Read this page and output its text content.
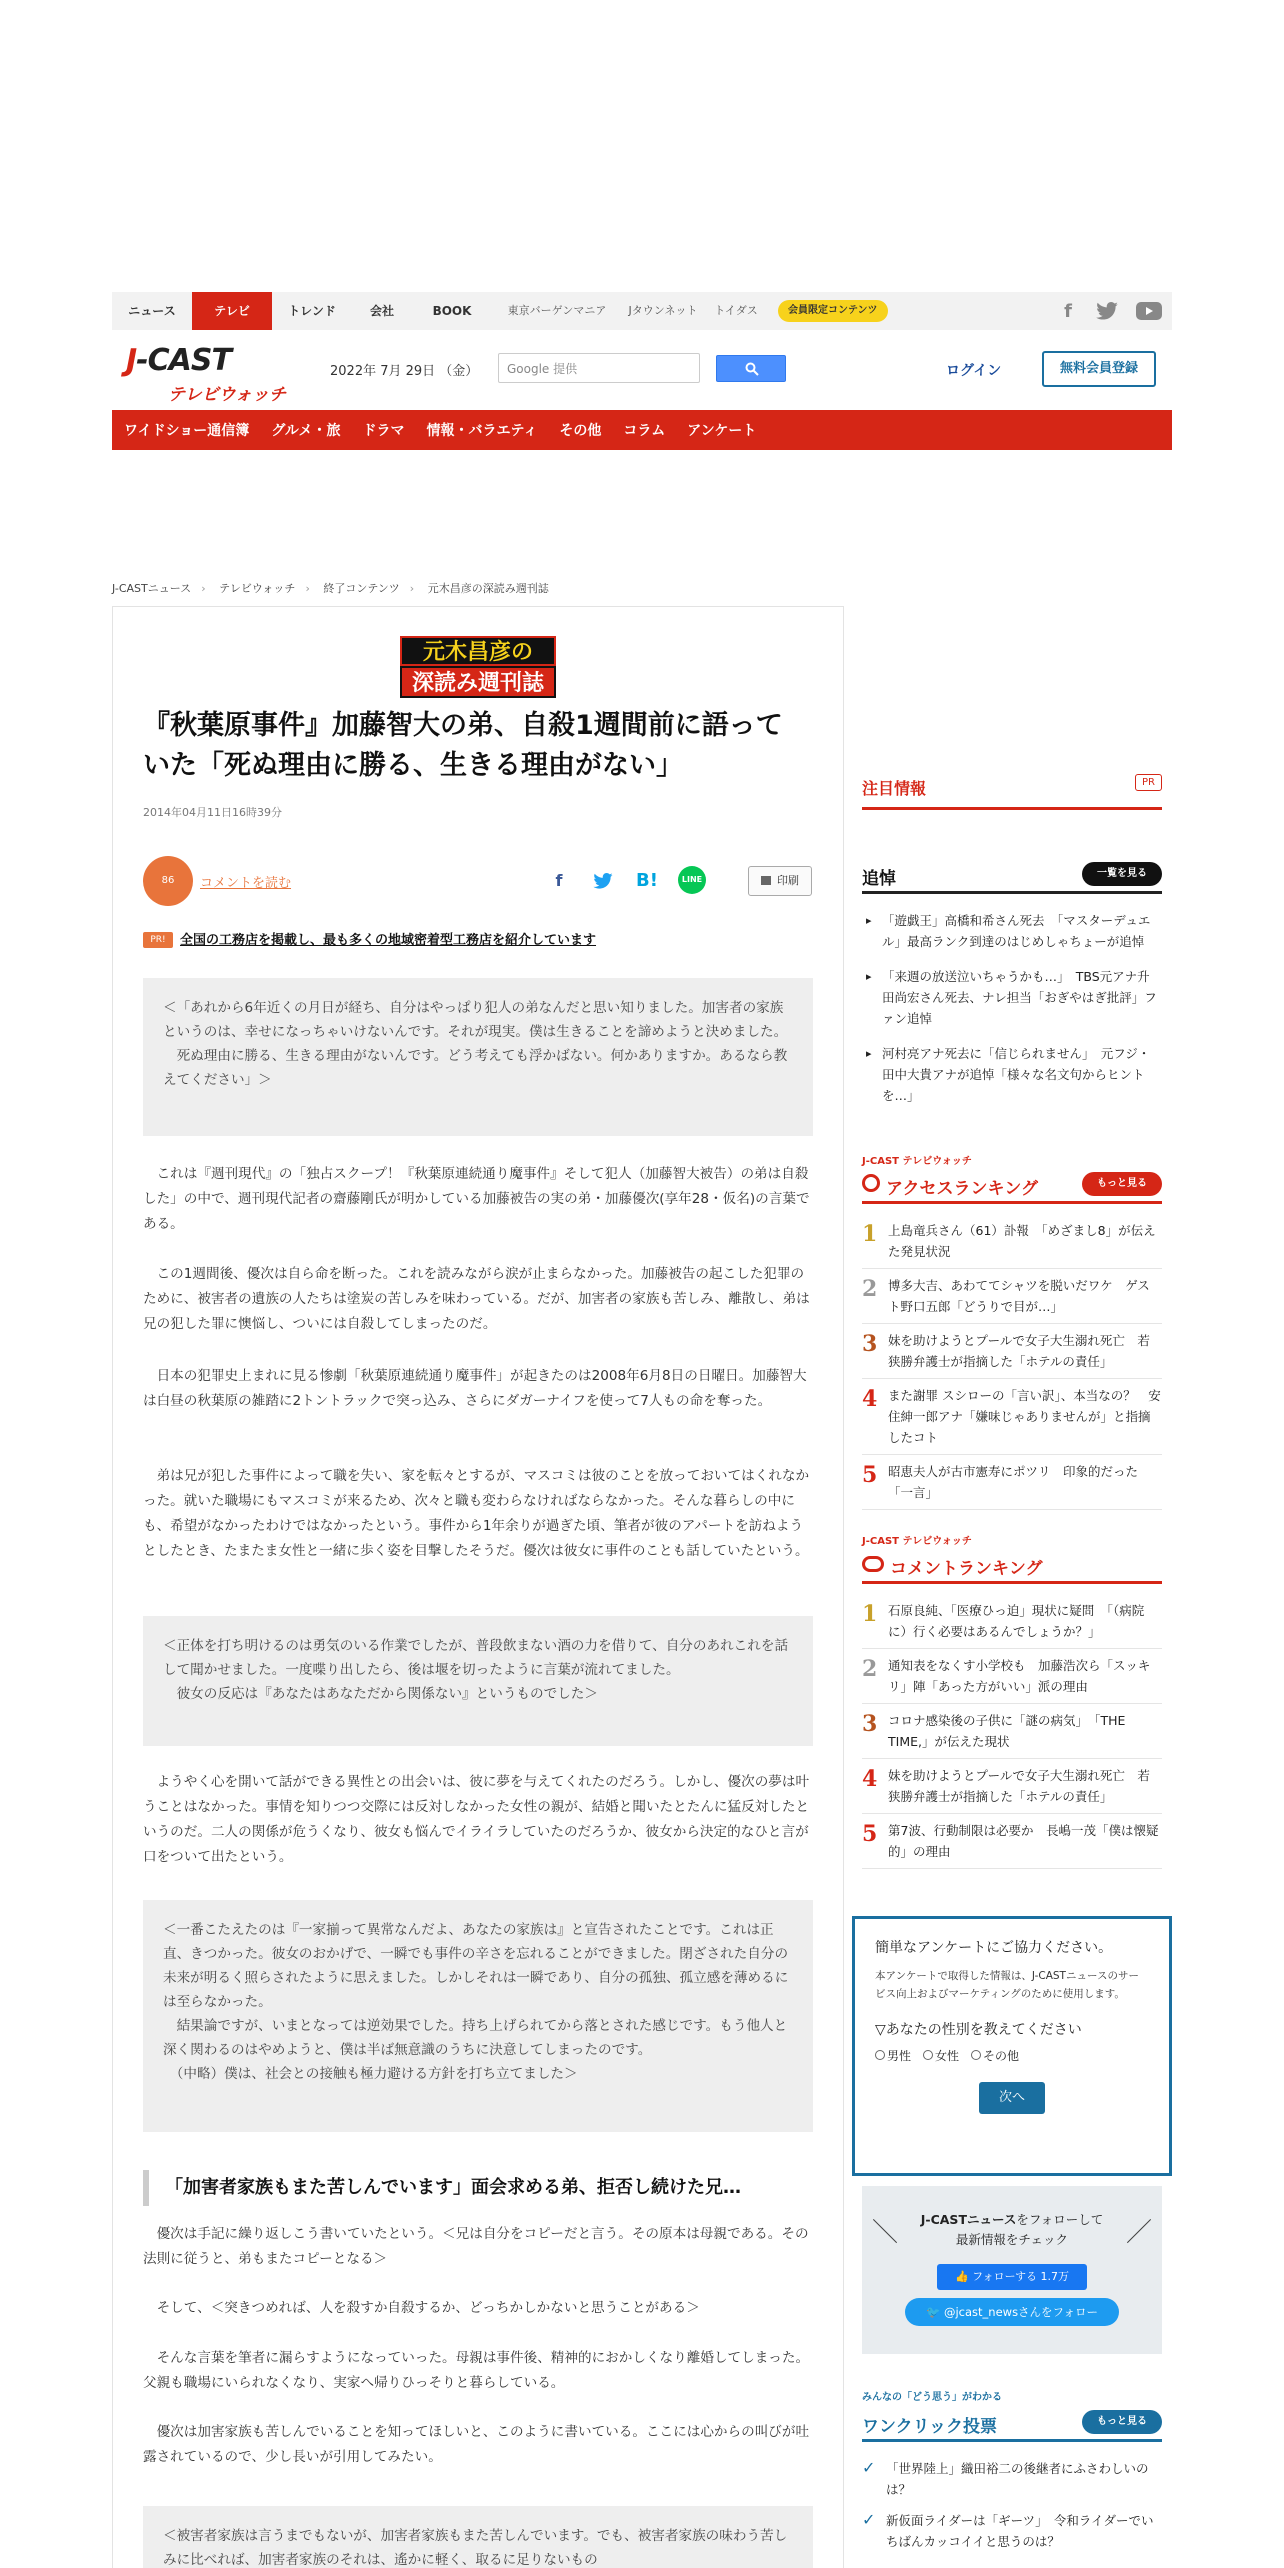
ニュース	テレビ	トレンド	会社	BOOK	東京バーゲンマニア	Jタウンネット	トイダス	会員限定コンテンツ	f
J-CAST
テレビウォッチ
2022年 7月 29日 （金）	Google 提供	ログイン	無料会員登録
ワイドショー通信簿 グルメ・旅 ドラマ 情報・バラエティ その他 コラム アンケート
J-CASTニュース › テレビウォッチ › 終了コンテンツ › 元木昌彦の深読み週刊誌
元木昌彦の
深読み週刊誌
『秋葉原事件』加藤智大の弟、自殺1週間前に語っていた「死ぬ理由に勝る、生きる理由がない」
2014年04月11日16時39分
86	コメントを読む	f	B!	LINE	印刷
PR!	全国の工務店を掲載し、最も多くの地域密着型工務店を紹介しています
＜「あれから6年近くの月日が経ち、自分はやっぱり犯人の弟なんだと思い知りました。加害者の家族というのは、幸せになっちゃいけないんです。それが現実。僕は生きることを諦めようと決めました。
　死ぬ理由に勝る、生きる理由がないんです。どう考えても浮かばない。何かありますか。あるなら教えてください」＞
　これは『週刊現代』の「独占スクープ！『秋葉原連続通り魔事件』そして犯人（加藤智大被告）の弟は自殺した」の中で、週刊現代記者の齋藤剛氏が明かしている加藤被告の実の弟・加藤優次(享年28・仮名)の言葉である。
　この1週間後、優次は自ら命を断った。これを読みながら涙が止まらなかった。加藤被告の起こした犯罪のために、被害者の遺族の人たちは塗炭の苦しみを味わっている。だが、加害者の家族も苦しみ、離散し、弟は兄の犯した罪に懊悩し、ついには自殺してしまったのだ。
　日本の犯罪史上まれに見る惨劇「秋葉原連続通り魔事件」が起きたのは2008年6月8日の日曜日。加藤智大は白昼の秋葉原の雑踏に2トントラックで突っ込み、さらにダガーナイフを使って7人もの命を奪った。
　弟は兄が犯した事件によって職を失い、家を転々とするが、マスコミは彼のことを放っておいてはくれなかった。就いた職場にもマスコミが来るため、次々と職も変わらなければならなかった。そんな暮らしの中にも、希望がなかったわけではなかったという。事件から1年余りが過ぎた頃、筆者が彼のアパートを訪ねようとしたとき、たまたま女性と一緒に歩く姿を目撃したそうだ。優次は彼女に事件のことも話していたという。
＜正体を打ち明けるのは勇気のいる作業でしたが、普段飲まない酒の力を借りて、自分のあれこれを話して聞かせました。一度喋り出したら、後は堰を切ったように言葉が流れてました。
　彼女の反応は『あなたはあなただから関係ない』というものでした＞
　ようやく心を開いて話ができる異性との出会いは、彼に夢を与えてくれたのだろう。しかし、優次の夢は叶うことはなかった。事情を知りつつ交際には反対しなかった女性の親が、結婚と聞いたとたんに猛反対したというのだ。二人の関係が危うくなり、彼女も悩んでイライラしていたのだろうか、彼女から決定的なひと言が口をついて出たという。
＜一番こたえたのは『一家揃って異常なんだよ、あなたの家族は』と宣告されたことです。これは正直、きつかった。彼女のおかげで、一瞬でも事件の辛さを忘れることができました。閉ざされた自分の未来が明るく照らされたように思えました。しかしそれは一瞬であり、自分の孤独、孤立感を薄めるには至らなかった。
　結果論ですが、いまとなっては逆効果でした。持ち上げられてから落とされた感じです。もう他人と深く関わるのはやめようと、僕は半ば無意識のうちに決意してしまったのです。
　（中略）僕は、社会との接触も極力避ける方針を打ち立てました＞
「加害者家族もまた苦しんでいます」面会求める弟、拒否し続けた兄…
　優次は手記に繰り返しこう書いていたという。＜兄は自分をコピーだと言う。その原本は母親である。その法則に従うと、弟もまたコピーとなる＞
　そして、＜突きつめれば、人を殺すか自殺するか、どっちかしかないと思うことがある＞
　そんな言葉を筆者に漏らすようになっていった。母親は事件後、精神的におかしくなり離婚してしまった。父親も職場にいられなくなり、実家へ帰りひっそりと暮らしている。
　優次は加害家族も苦しんでいることを知ってほしいと、このように書いている。ここには心からの叫びが吐露されているので、少し長いが引用してみたい。
＜被害者家族は言うまでもないが、加害者家族もまた苦しんでいます。でも、被害者家族の味わう苦しみに比べれば、加害者家族のそれは、遙かに軽く、取るに足りないもの
注目情報	PR
追悼	一覧を見る
▸ 「遊戯王」高橋和希さん死去　「マスターデュエル」最高ランク到達のはじめしゃちょーが追悼
▸ 「来週の放送泣いちゃうかも…」　TBS元アナ升田尚宏さん死去、ナレ担当「おぎやはぎ批評」ファン追悼
▸ 河村亮アナ死去に「信じられません」　元フジ・田中大貴アナが追悼「様々な名文句からヒントを…」
J-CAST テレビウォッチ
アクセスランキング	もっと見る
1 上島竜兵さん（61）訃報　「めざまし8」が伝えた発見状況
2 博多大吉、あわててシャツを脱いだワケ　ゲスト野口五郎「どうりで目が…」
3 妹を助けようとプールで女子大生溺れ死亡　若狭勝弁護士が指摘した「ホテルの責任」
4 また謝罪 スシローの「言い訳」、本当なの？　安住紳一郎アナ「嫌味じゃありませんが」と指摘したコト
5 昭恵夫人が古市憲寿にポツリ　印象的だった「一言」
J-CAST テレビウォッチ
コメントランキング
1 石原良純、「医療ひっ迫」現状に疑問　「（病院に）行く必要はあるんでしょうか？」
2 通知表をなくす小学校も　加藤浩次ら「スッキリ」陣「あった方がいい」派の理由
3 コロナ感染後の子供に「謎の病気」　「THE TIME,」が伝えた現状
4 妹を助けようとプールで女子大生溺れ死亡　若狭勝弁護士が指摘した「ホテルの責任」
5 第7波、行動制限は必要か　長嶋一茂「僕は懐疑的」の理由
簡単なアンケートにご協力ください。
本アンケートで取得した情報は、J-CASTニュースのサービス向上およびマーケティングのために使用します。
▽あなたの性別を教えてください
男性	女性	その他
次へ
＼	／
J-CASTニュースをフォローして
最新情報をチェック
👍 フォローする 1.7万
🐦 @jcast_newsさんをフォロー
みんなの「どう思う」がわかる
ワンクリック投票	もっと見る
✓ 「世界陸上」織田裕二の後継者にふさわしいのは？
✓ 新仮面ライダーは「ギーツ」　令和ライダーでいちばんカッコイイと思うのは？
